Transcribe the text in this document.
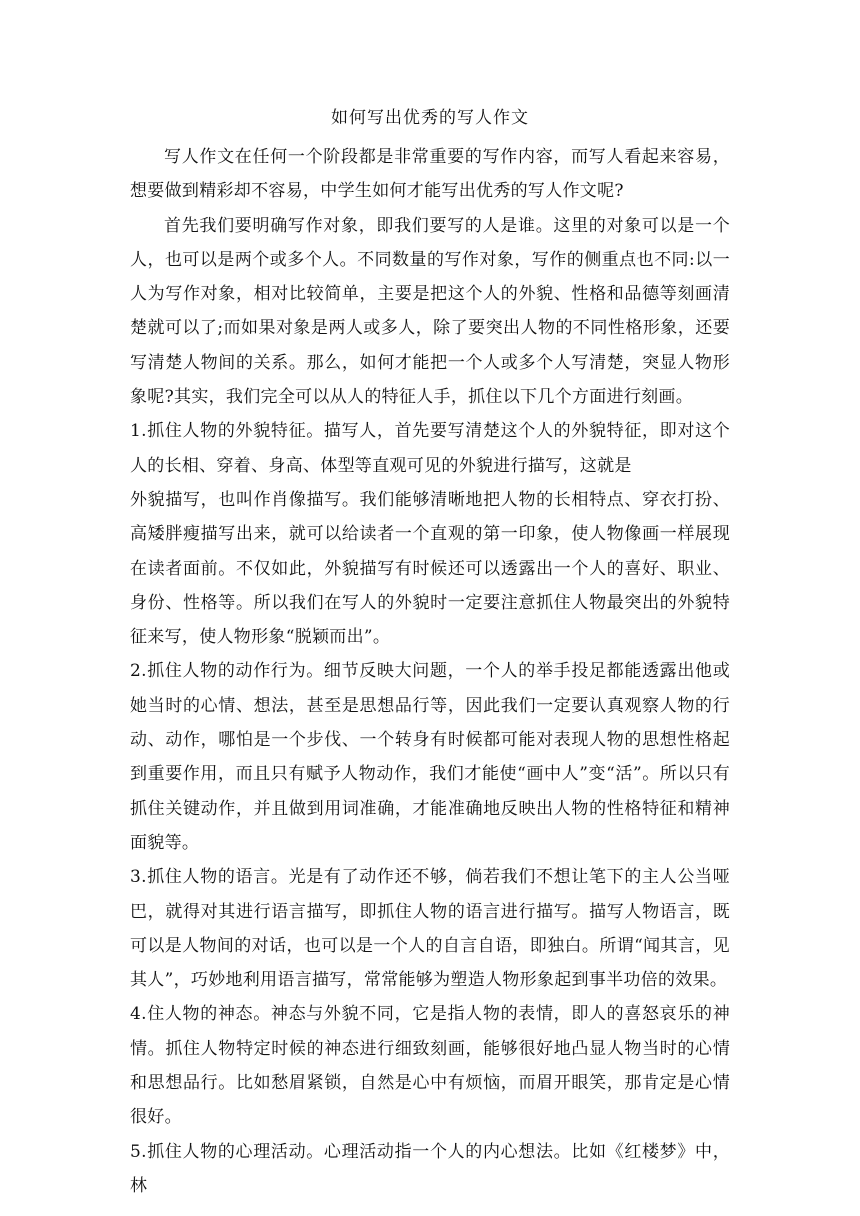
如何写出优秀的写人作文

写人作文在任何一个阶段都是非常重要的写作内容，而写人看起来容易，想要做到精彩却不容易，中学生如何才能写出优秀的写人作文呢?

首先我们要明确写作对象，即我们要写的人是谁。这里的对象可以是一个人，也可以是两个或多个人。不同数量的写作对象，写作的侧重点也不同:以一人为写作对象，相对比较简单，主要是把这个人的外貌、性格和品德等刻画清楚就可以了;而如果对象是两人或多人，除了要突出人物的不同性格形象，还要写清楚人物间的关系。那么，如何才能把一个人或多个人写清楚，突显人物形象呢?其实，我们完全可以从人的特征人手，抓住以下几个方面进行刻画。

1.抓住人物的外貌特征。描写人，首先要写清楚这个人的外貌特征，即对这个人的长相、穿着、身高、体型等直观可见的外貌进行描写，这就是

外貌描写，也叫作肖像描写。我们能够清晰地把人物的长相特点、穿衣打扮、高矮胖瘦描写出来，就可以给读者一个直观的第一印象，使人物像画一样展现在读者面前。不仅如此，外貌描写有时候还可以透露出一个人的喜好、职业、身份、性格等。所以我们在写人的外貌时一定要注意抓住人物最突出的外貌特征来写，使人物形象“脱颖而出”。

2.抓住人物的动作行为。细节反映大问题，一个人的举手投足都能透露出他或她当时的心情、想法，甚至是思想品行等，因此我们一定要认真观察人物的行动、动作，哪怕是一个步伐、一个转身有时候都可能对表现人物的思想性格起到重要作用，而且只有赋予人物动作，我们才能使“画中人”变“活”。所以只有抓住关键动作，并且做到用词准确，才能准确地反映出人物的性格特征和精神面貌等。

3.抓住人物的语言。光是有了动作还不够，倘若我们不想让笔下的主人公当哑巴，就得对其进行语言描写，即抓住人物的语言进行描写。描写人物语言，既可以是人物间的对话，也可以是一个人的自言自语，即独白。所谓“闻其言，见其人”，巧妙地利用语言描写，常常能够为塑造人物形象起到事半功倍的效果。

4.住人物的神态。神态与外貌不同，它是指人物的表情，即人的喜怒哀乐的神情。抓住人物特定时候的神态进行细致刻画，能够很好地凸显人物当时的心情和思想品行。比如愁眉紧锁，自然是心中有烦恼，而眉开眼笑，那肯定是心情很好。

5.抓住人物的心理活动。心理活动指一个人的内心想法。比如《红楼梦》中，林
